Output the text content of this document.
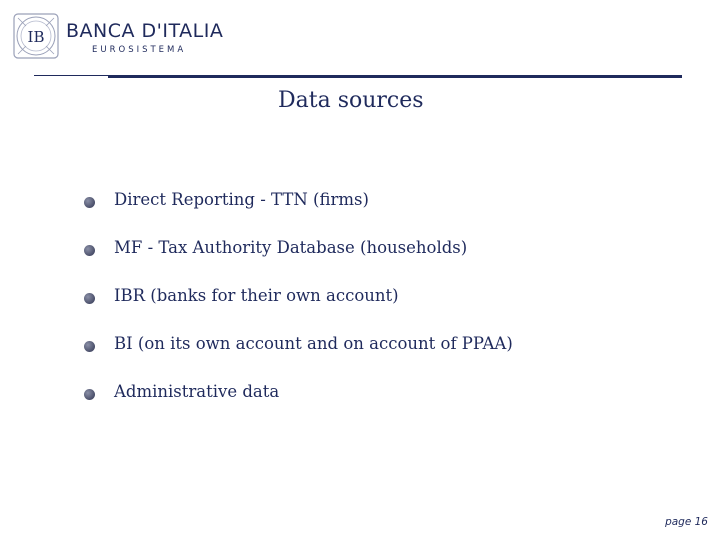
IB BANCA D'ITALIA
EUROSISTEMA
Data sources
Direct Reporting - TTN (firms)
MF - Tax Authority Database (households)
IBR (banks for their own account)
BI (on its own account and on account of PPAA)
Administrative data
page 16
